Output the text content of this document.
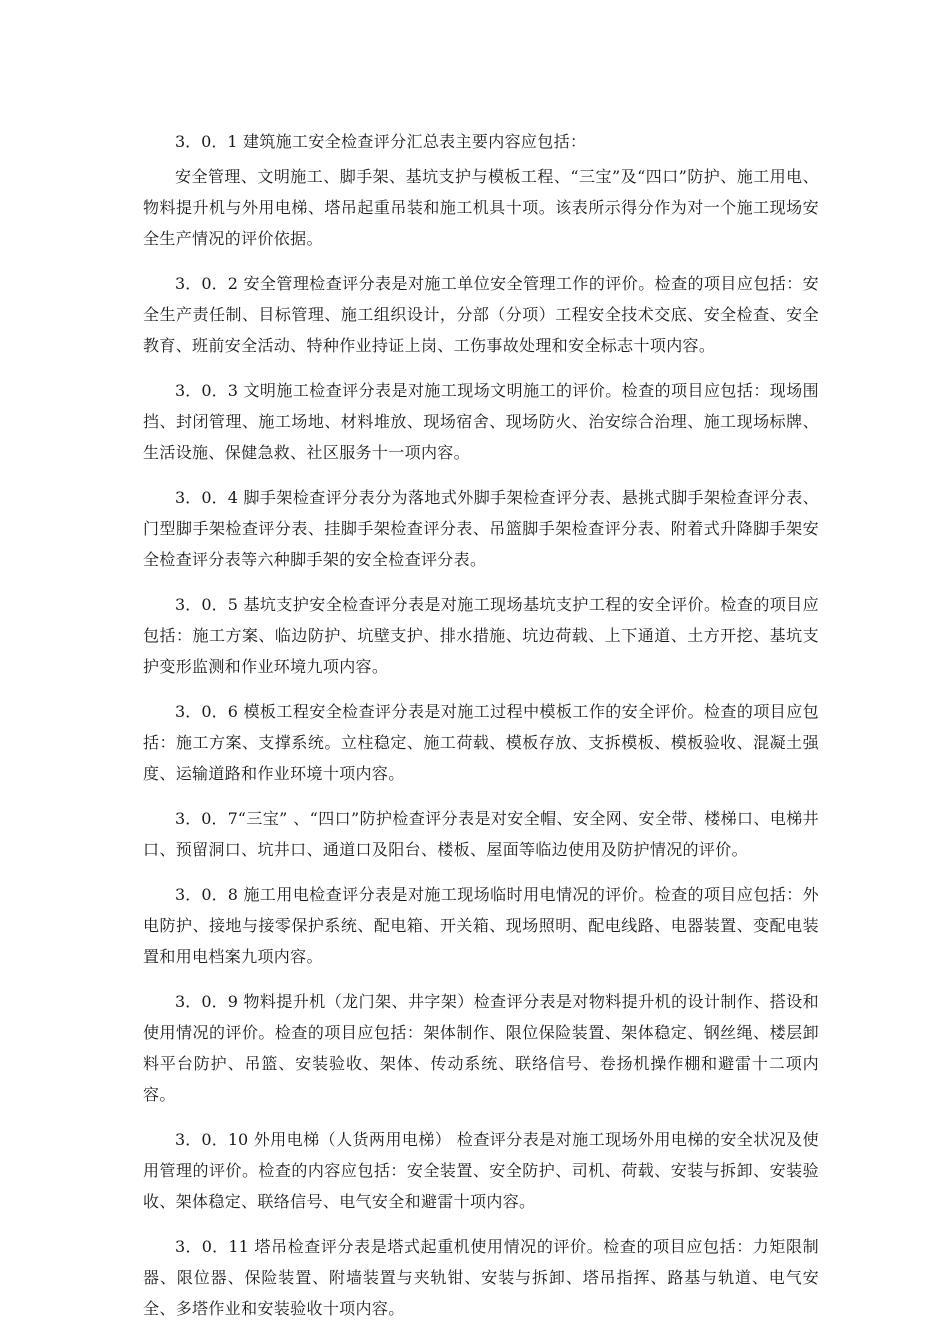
3．0．1 建筑施工安全检查评分汇总表主要内容应包括：

安全管理、文明施工、脚手架、基坑支护与模板工程、“三宝”及“四口”防护、施工用电、物料提升机与外用电梯、塔吊起重吊装和施工机具十项。该表所示得分作为对一个施工现场安全生产情况的评价依据。

3．0．2 安全管理检查评分表是对施工单位安全管理工作的评价。检查的项目应包括：安全生产责任制、目标管理、施工组织设计，分部（分项）工程安全技术交底、安全检查、安全教育、班前安全活动、特种作业持证上岗、工伤事故处理和安全标志十项内容。

3．0．3 文明施工检查评分表是对施工现场文明施工的评价。检查的项目应包括：现场围挡、封闭管理、施工场地、材料堆放、现场宿舍、现场防火、治安综合治理、施工现场标牌、生活设施、保健急救、社区服务十一项内容。

3．0．4 脚手架检查评分表分为落地式外脚手架检查评分表、悬挑式脚手架检查评分表、门型脚手架检查评分表、挂脚手架检查评分表、吊篮脚手架检查评分表、附着式升降脚手架安全检查评分表等六种脚手架的安全检查评分表。

3．0．5 基坑支护安全检查评分表是对施工现场基坑支护工程的安全评价。检查的项目应包括：施工方案、临边防护、坑壁支护、排水措施、坑边荷载、上下通道、土方开挖、基坑支护变形监测和作业环境九项内容。

3．0．6 模板工程安全检查评分表是对施工过程中模板工作的安全评价。检查的项目应包括：施工方案、支撑系统。立柱稳定、施工荷载、模板存放、支拆模板、模板验收、混凝土强度、运输道路和作业环境十项内容。

3．0．7“三宝” 、“四口”防护检查评分表是对安全帽、安全网、安全带、楼梯口、电梯井口、预留洞口、坑井口、通道口及阳台、楼板、屋面等临边使用及防护情况的评价。

3．0．8 施工用电检查评分表是对施工现场临时用电情况的评价。检查的项目应包括：外电防护、接地与接零保护系统、配电箱、开关箱、现场照明、配电线路、电器装置、变配电装置和用电档案九项内容。

3．0．9 物料提升机（龙门架、井字架）检查评分表是对物料提升机的设计制作、搭设和使用情况的评价。检查的项目应包括：架体制作、限位保险装置、架体稳定、钢丝绳、楼层卸料平台防护、吊篮、安装验收、架体、传动系统、联络信号、卷扬机操作棚和避雷十二项内容。

3．0．10 外用电梯（人货两用电梯） 检查评分表是对施工现场外用电梯的安全状况及使用管理的评价。检查的内容应包括：安全装置、安全防护、司机、荷载、安装与拆卸、安装验收、架体稳定、联络信号、电气安全和避雷十项内容。

3．0．11 塔吊检查评分表是塔式起重机使用情况的评价。检查的项目应包括：力矩限制器、限位器、保险装置、附墙装置与夹轨钳、安装与拆卸、塔吊指挥、路基与轨道、电气安全、多塔作业和安装验收十项内容。
